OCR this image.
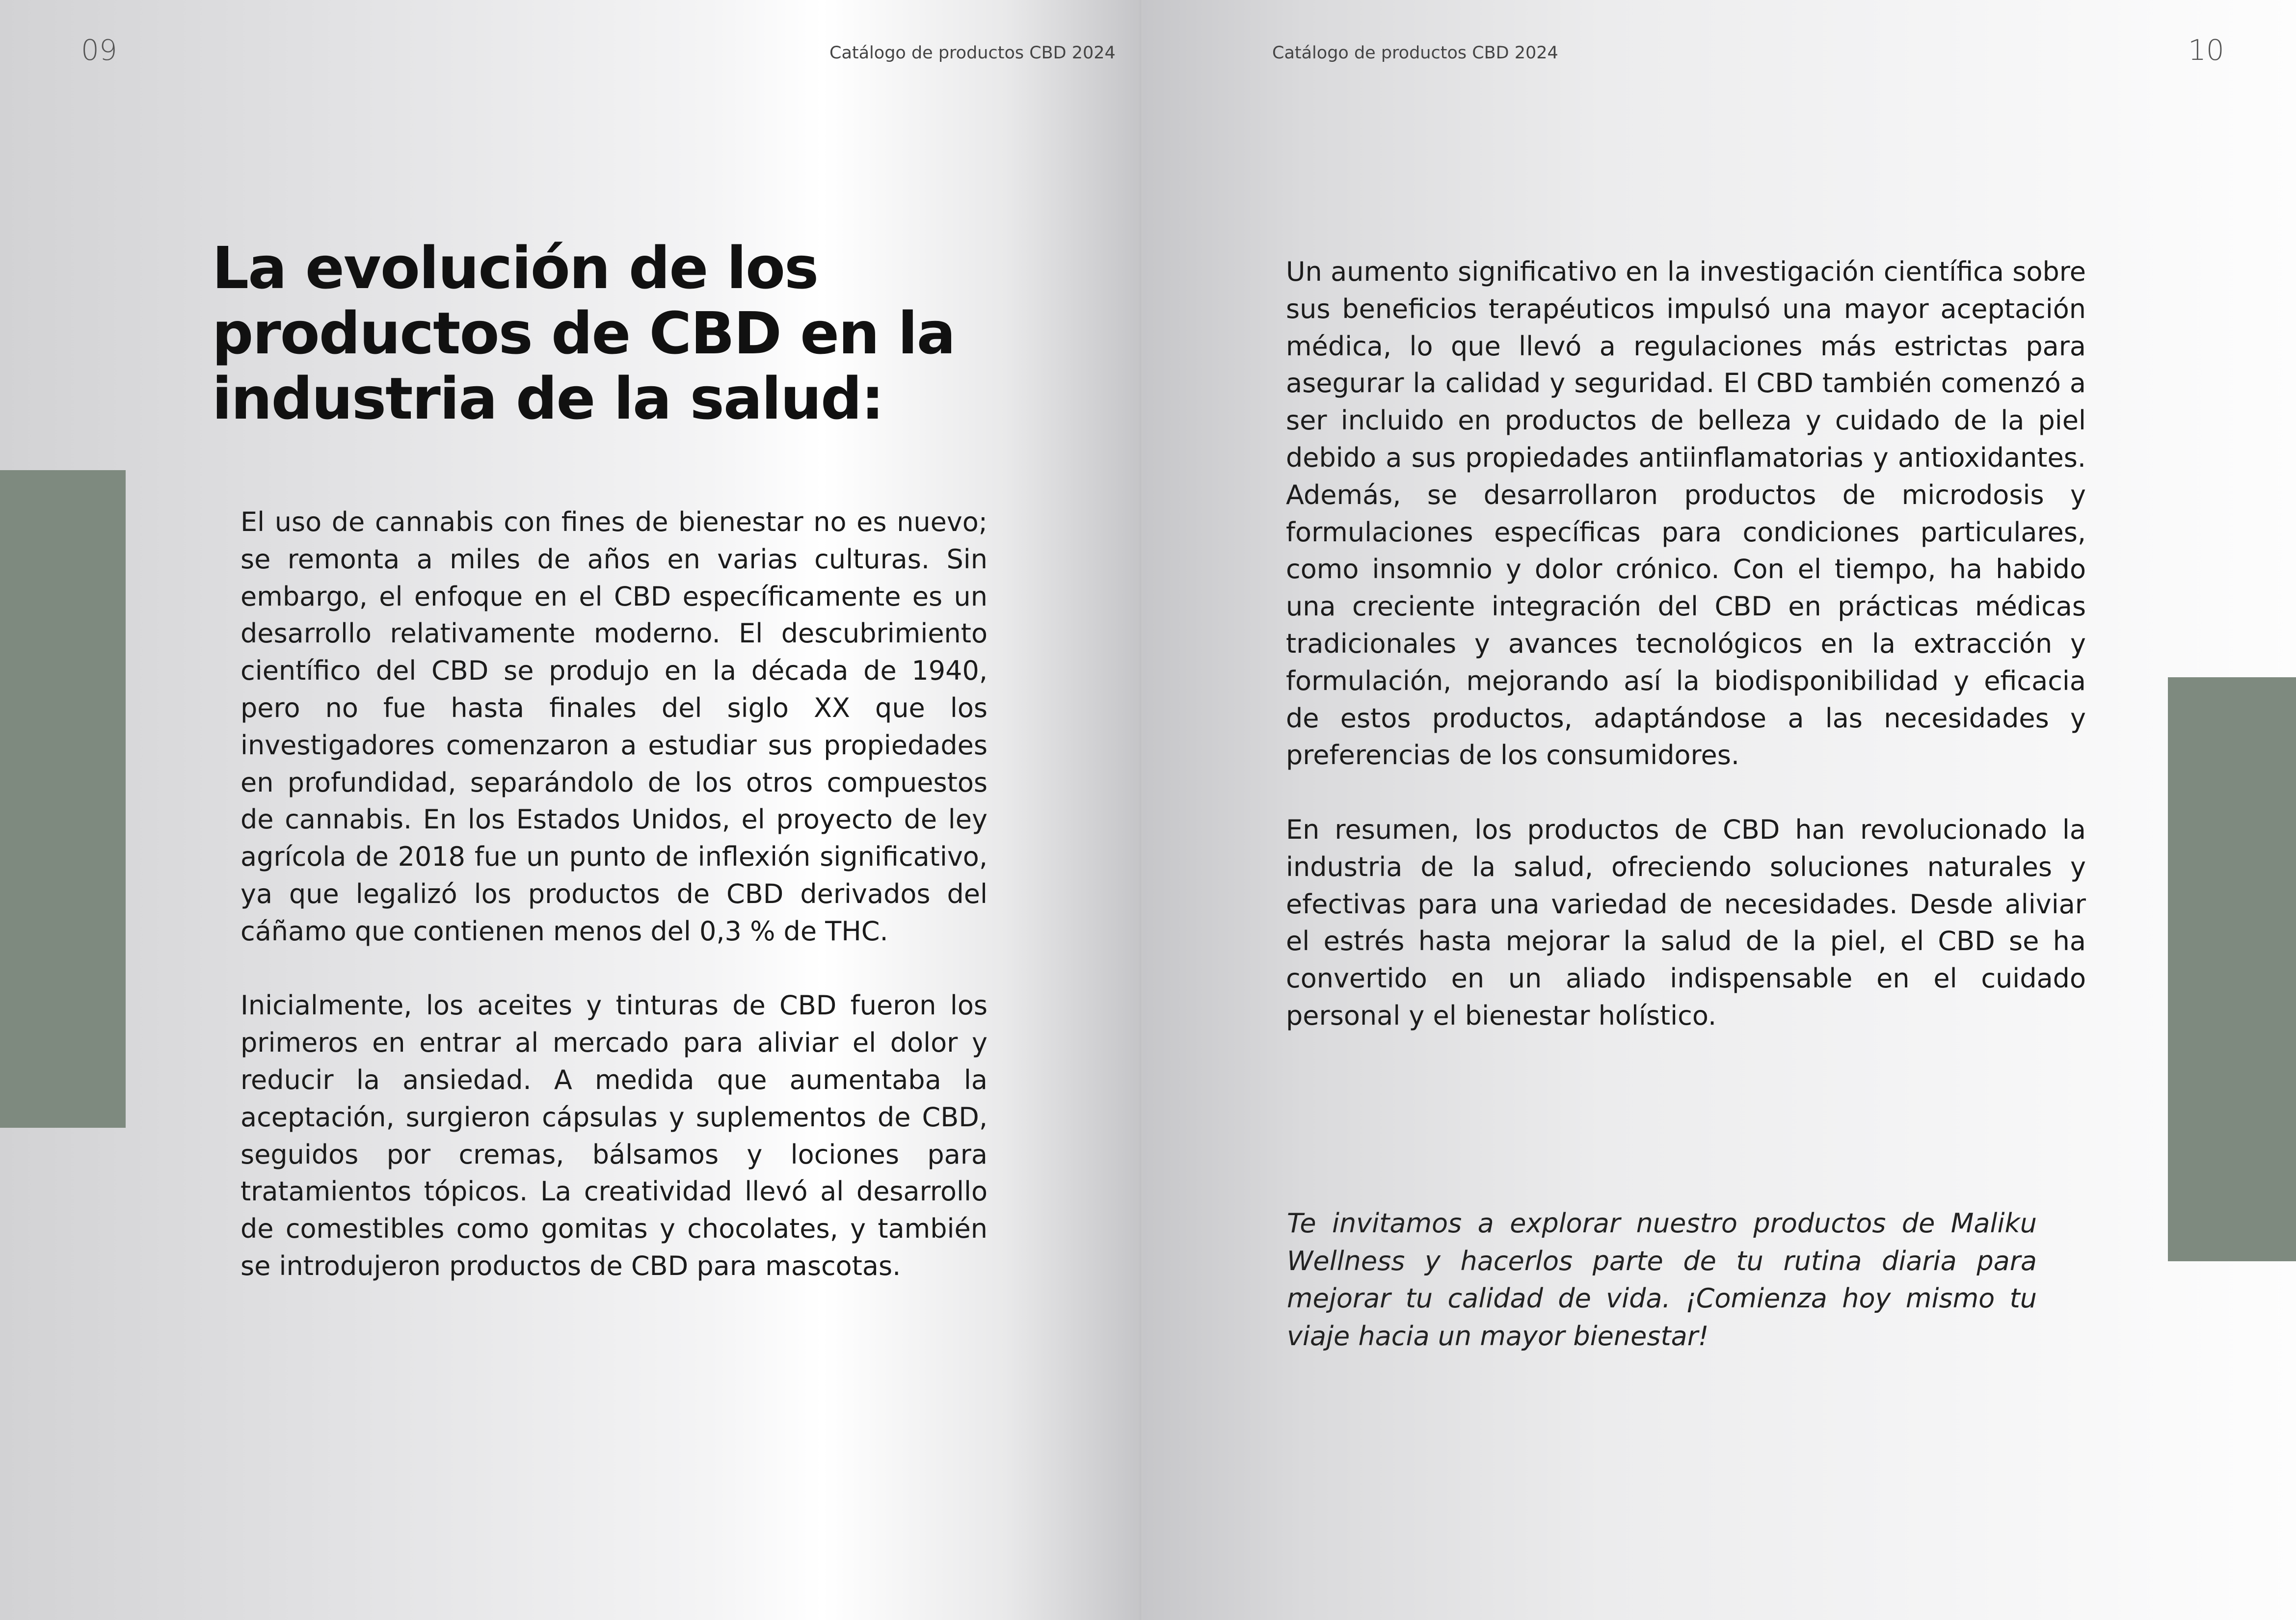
09	Catálogo de productos CBD 2024
La evolución de los productos de CBD en la industria de la salud:

El uso de cannabis con fines de bienestar no es nuevo; se remonta a miles de años en varias culturas. Sin embargo, el enfoque en el CBD específicamente es un desarrollo relativamente moderno. El descubrimiento científico del CBD se produjo en la década de 1940, pero no fue hasta finales del siglo XX que los investigadores comenzaron a estudiar sus propiedades en profundidad, separándolo de los otros compuestos de cannabis. En los Estados Unidos, el proyecto de ley agrícola de 2018 fue un punto de inflexión significativo, ya que legalizó los productos de CBD derivados del cáñamo que contienen menos del 0,3 % de THC.

Inicialmente, los aceites y tinturas de CBD fueron los primeros en entrar al mercado para aliviar el dolor y reducir la ansiedad. A medida que aumentaba la aceptación, surgieron cápsulas y suplementos de CBD, seguidos por cremas, bálsamos y lociones para tratamientos tópicos. La creatividad llevó al desarrollo de comestibles como gomitas y chocolates, y también se introdujeron productos de CBD para mascotas.

Catálogo de productos CBD 2024	10

Un aumento significativo en la investigación científica sobre sus beneficios terapéuticos impulsó una mayor aceptación médica, lo que llevó a regulaciones más estrictas para asegurar la calidad y seguridad. El CBD también comenzó a ser incluido en productos de belleza y cuidado de la piel debido a sus propiedades antiinflamatorias y antioxidantes. Además, se desarrollaron productos de microdosis y formulaciones específicas para condiciones particulares, como insomnio y dolor crónico. Con el tiempo, ha habido una creciente integración del CBD en prácticas médicas tradicionales y avances tecnológicos en la extracción y formulación, mejorando así la biodisponibilidad y eficacia de estos productos, adaptándose a las necesidades y preferencias de los consumidores.

En resumen, los productos de CBD han revolucionado la industria de la salud, ofreciendo soluciones naturales y efectivas para una variedad de necesidades. Desde aliviar el estrés hasta mejorar la salud de la piel, el CBD se ha convertido en un aliado indispensable en el cuidado personal y el bienestar holístico.

Te invitamos a explorar nuestro productos de Maliku Wellness y hacerlos parte de tu rutina diaria para mejorar tu calidad de vida. ¡Comienza hoy mismo tu viaje hacia un mayor bienestar!
